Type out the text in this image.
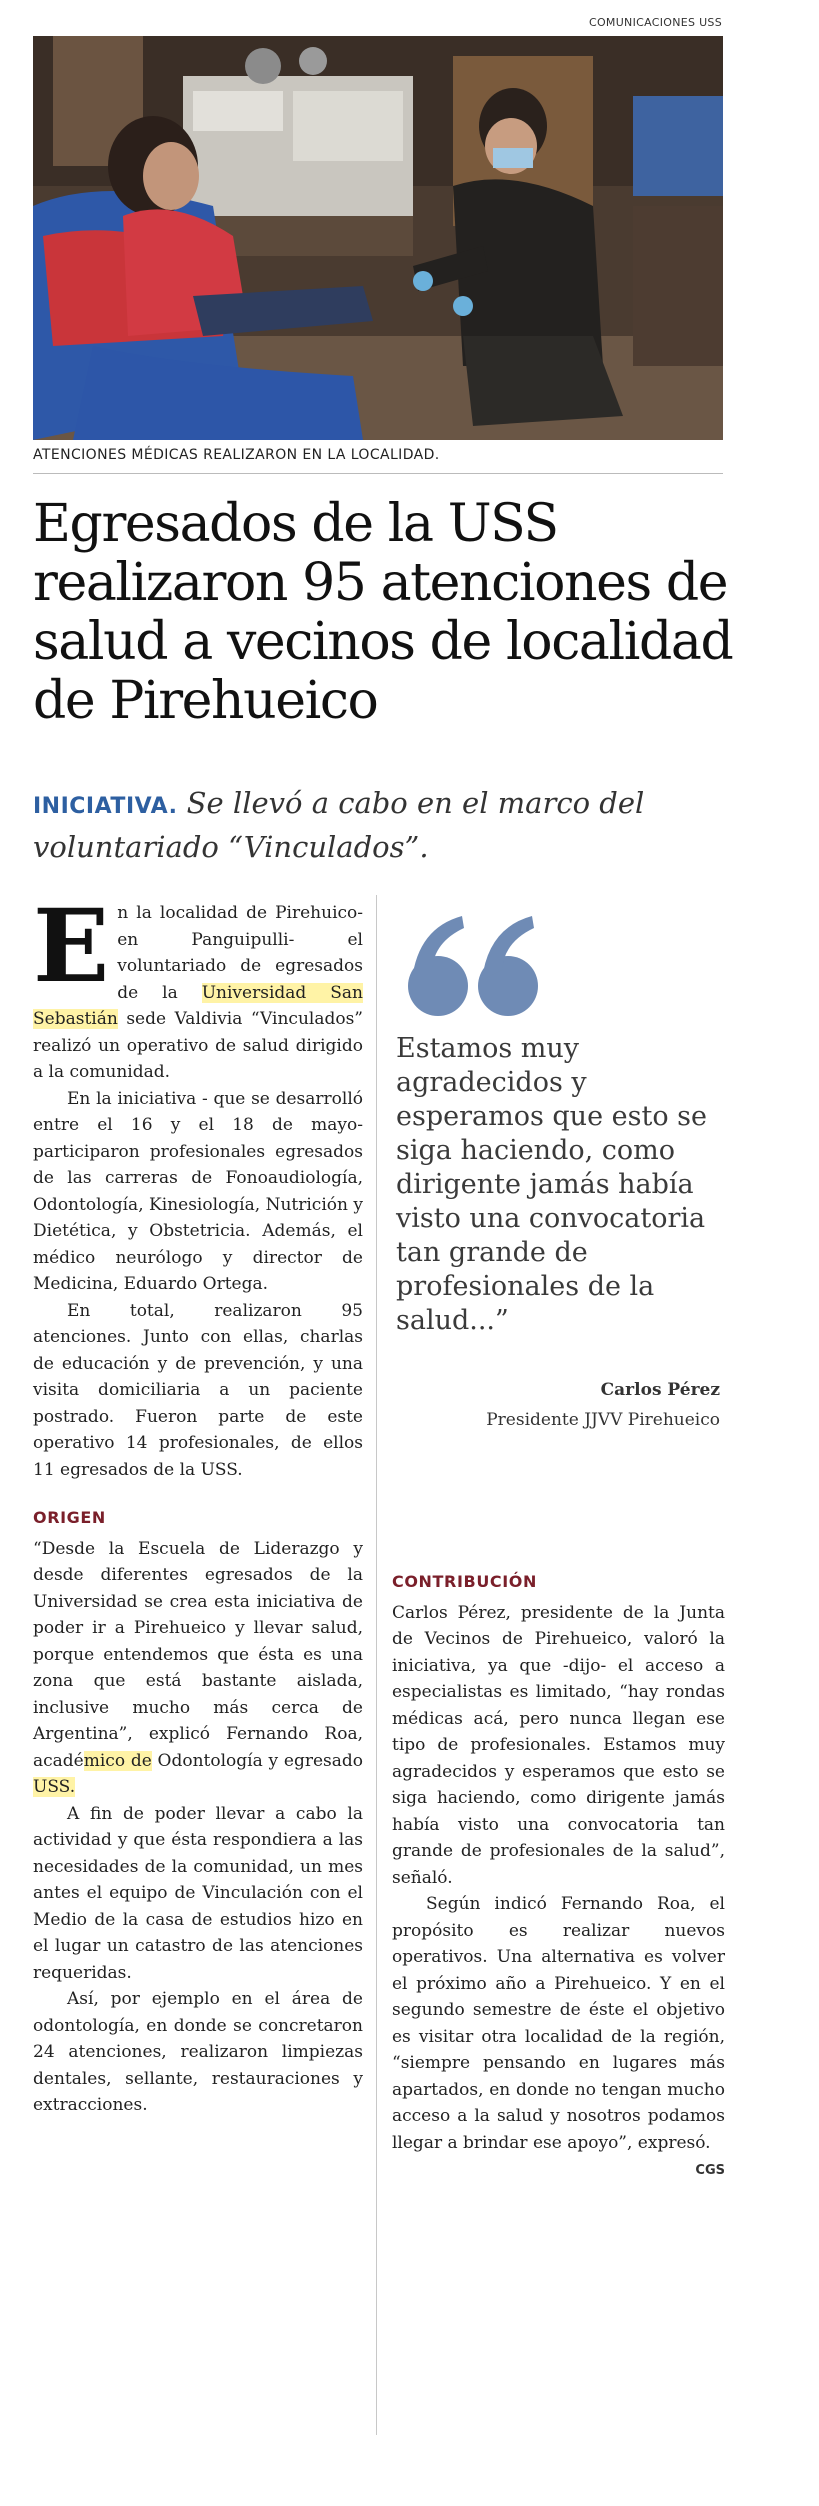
COMUNICACIONES USS
ATENCIONES MÉDICAS REALIZARON EN LA LOCALIDAD.
Egresados de la USS realizaron 95 atenciones de salud a vecinos de localidad de Pirehueico
INICIATIVA. Se llevó a cabo en el marco del voluntariado “Vinculados”.

En la localidad de Pirehuico- en Panguipulli- el voluntariado de egresados de la Universidad San Sebastián sede Valdivia “Vinculados” realizó un operativo de salud dirigido a la comunidad.

En la iniciativa - que se desarrolló entre el 16 y el 18 de mayo- participaron profesionales egresados de las carreras de Fonoaudiología, Odontología, Kinesiología, Nutrición y Dietética, y Obstetricia. Además, el médico neurólogo y director de Medicina, Eduardo Ortega.

En total, realizaron 95 atenciones. Junto con ellas, charlas de educación y de prevención, y una visita domiciliaria a un paciente postrado. Fueron parte de este operativo 14 profesionales, de ellos 11 egresados de la USS.

ORIGEN

“Desde la Escuela de Liderazgo y desde diferentes egresados de la Universidad se crea esta iniciativa de poder ir a Pirehueico y llevar salud, porque entendemos que ésta es una zona que está bastante aislada, inclusive mucho más cerca de Argentina”, explicó Fernando Roa, académico de Odontología y egresado USS.

A fin de poder llevar a cabo la actividad y que ésta respondiera a las necesidades de la comunidad, un mes antes el equipo de Vinculación con el Medio de la casa de estudios hizo en el lugar un catastro de las atenciones requeridas.

Así, por ejemplo en el área de odontología, en donde se concretaron 24 atenciones, realizaron limpiezas dentales, sellante, restauraciones y extracciones.

Estamos muy agradecidos y esperamos que esto se siga haciendo, como dirigente jamás había visto una convocatoria tan grande de profesionales de la salud...”
Carlos Pérez
Presidente JJVV Pirehueico
CONTRIBUCIÓN

Carlos Pérez, presidente de la Junta de Vecinos de Pirehueico, valoró la iniciativa, ya que -dijo- el acceso a especialistas es limitado, “hay rondas médicas acá, pero nunca llegan ese tipo de profesionales. Estamos muy agradecidos y esperamos que esto se siga haciendo, como dirigente jamás había visto una convocatoria tan grande de profesionales de la salud”, señaló.

Según indicó Fernando Roa, el propósito es realizar nuevos operativos. Una alternativa es volver el próximo año a Pirehueico. Y en el segundo semestre de éste el objetivo es visitar otra localidad de la región, “siempre pensando en lugares más apartados, en donde no tengan mucho acceso a la salud y nosotros podamos llegar a brindar ese apoyo”, expresó.

CGS
